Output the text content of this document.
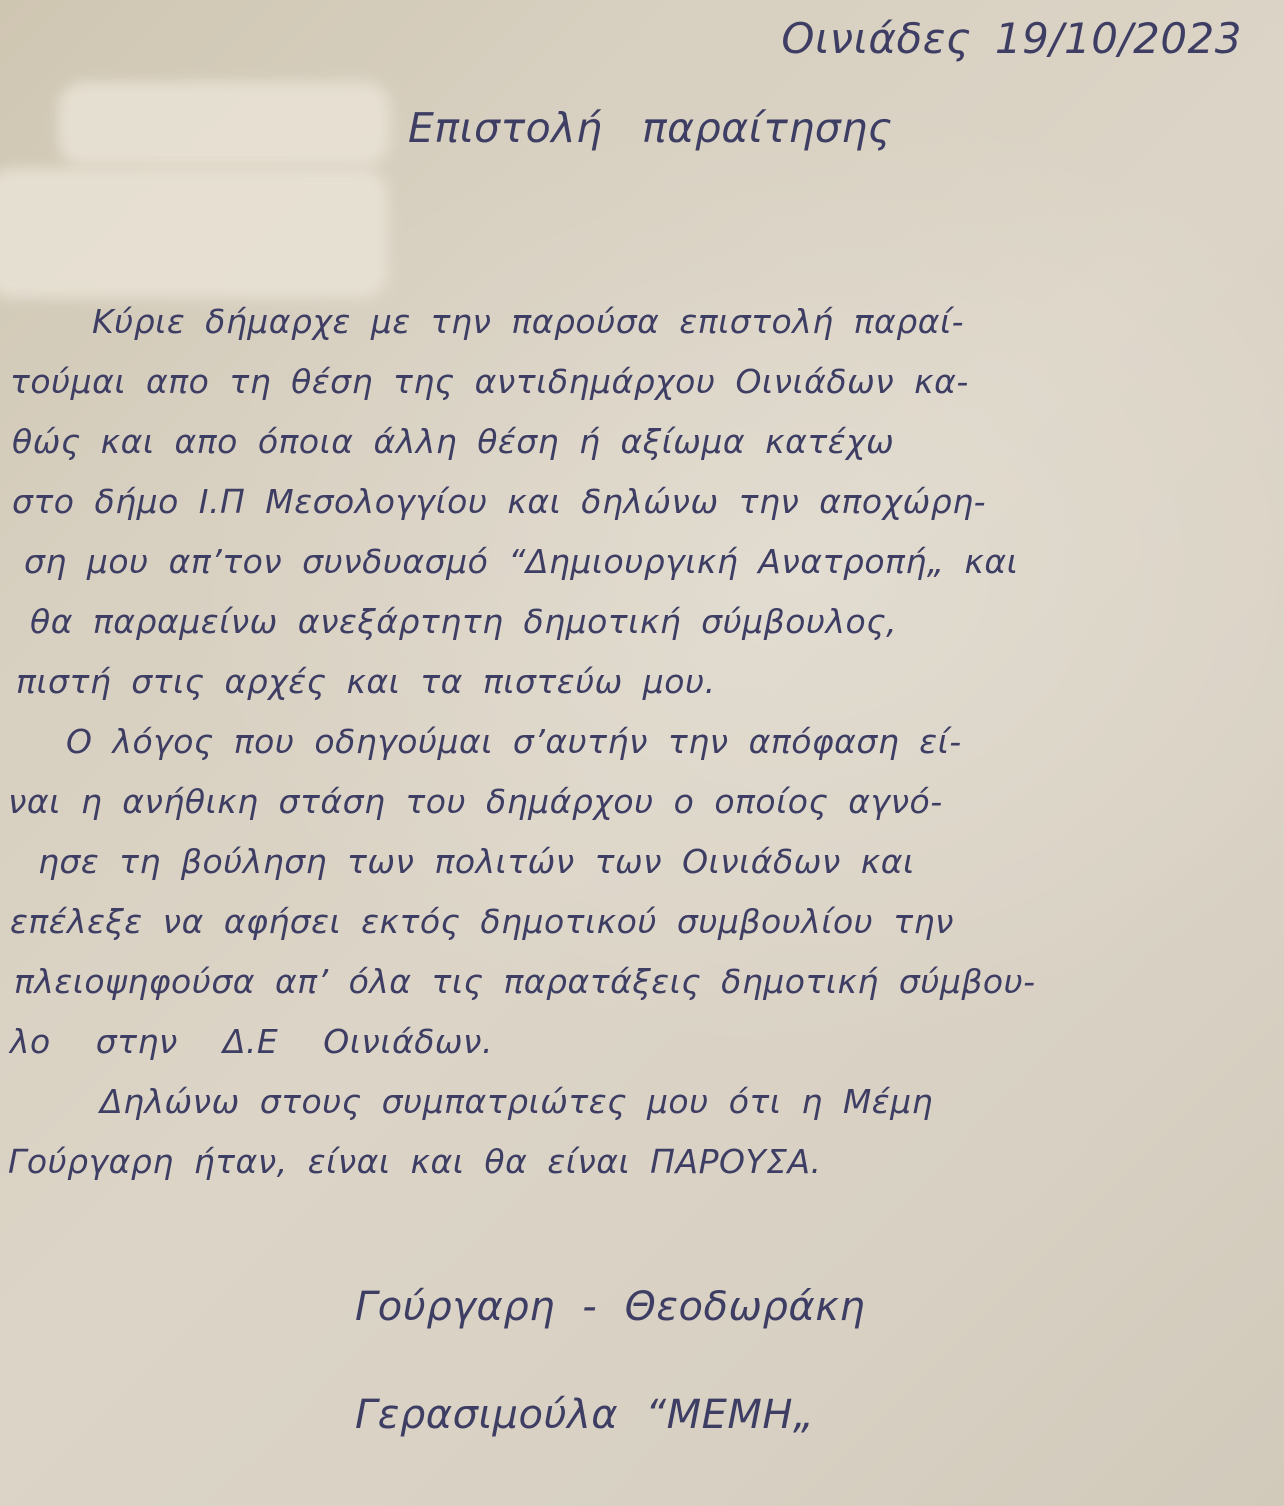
Οινιάδες 19/10/2023
Επιστολή παραίτησης
Κύριε δήμαρχε με την παρούσα επιστολή παραί-
τούμαι απο τη θέση της αντιδημάρχου Οινιάδων κα-
θώς και απο όποια άλλη θέση ή αξίωμα κατέχω
στο δήμο Ι.Π Μεσολογγίου και δηλώνω την αποχώρη-
ση μου απ’τον συνδυασμό “Δημιουργική Ανατροπή„ και
θα παραμείνω ανεξάρτητη δημοτική σύμβουλος,
πιστή στις αρχές και τα πιστεύω μου.
Ο λόγος που οδηγούμαι σ’αυτήν την απόφαση εί-
ναι η ανήθικη στάση του δημάρχου ο οποίος αγνό-
ησε τη βούληση των πολιτών των Οινιάδων και
επέλεξε να αφήσει εκτός δημοτικού συμβουλίου την
πλειοψηφούσα απ’ όλα τις παρατάξεις δημοτική σύμβου-
λο στην Δ.Ε Οινιάδων.
Δηλώνω στους συμπατριώτες μου ότι η Μέμη
Γούργαρη ήταν, είναι και θα είναι ΠΑΡΟΥΣΑ.
Γούργαρη - Θεοδωράκη
Γερασιμούλα “ΜΕΜΗ„
